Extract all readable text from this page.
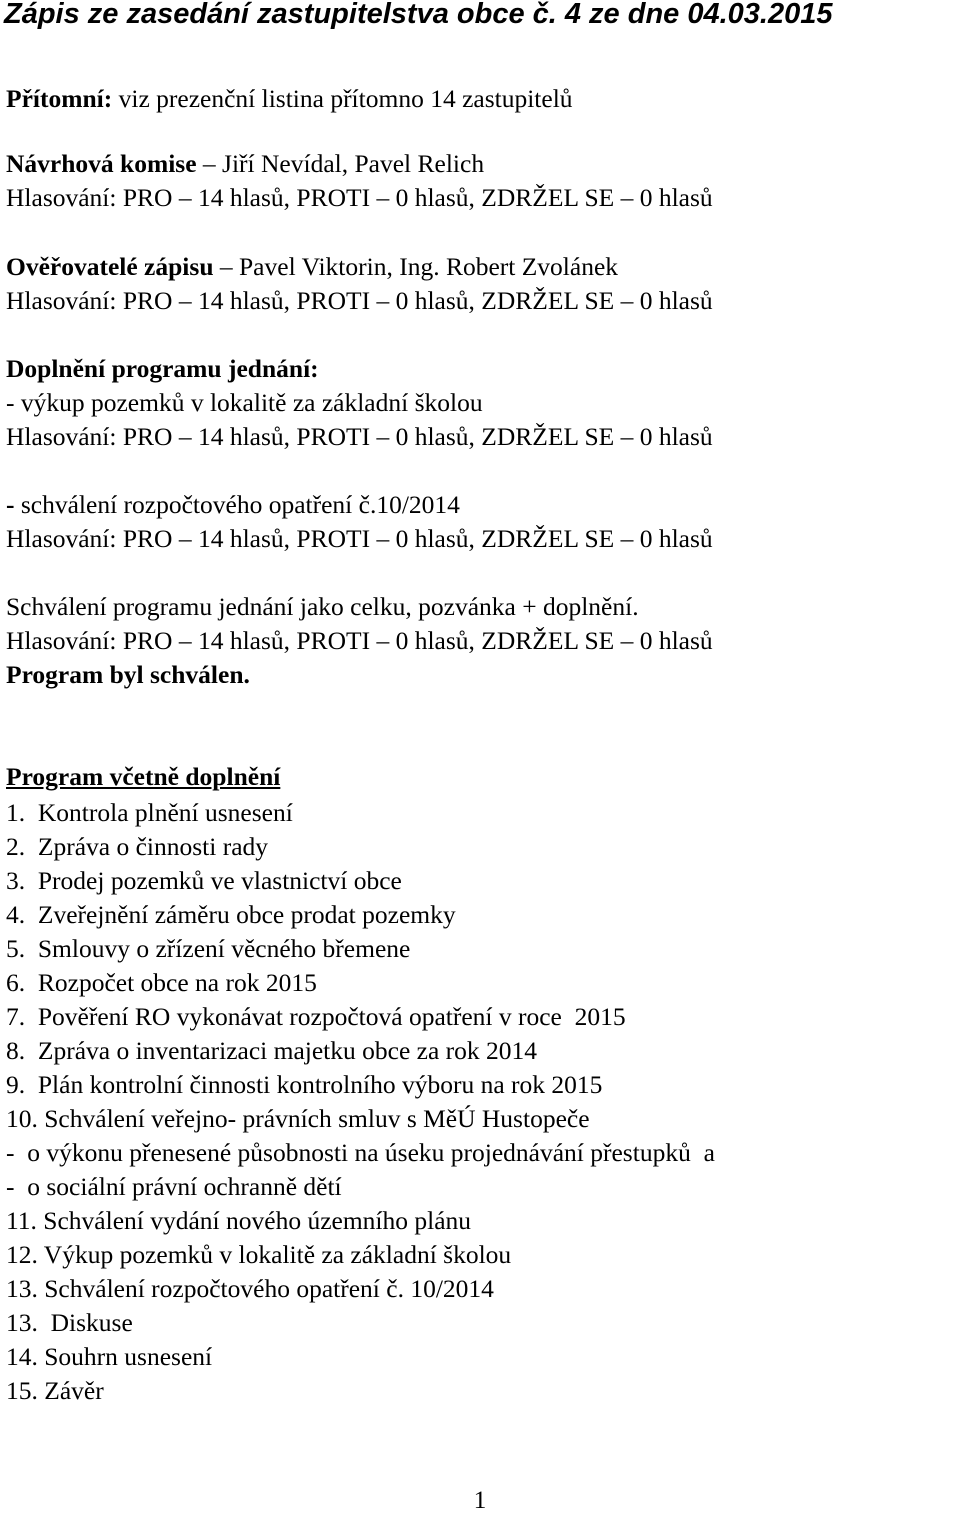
Zápis ze zasedání zastupitelstva obce č. 4 ze dne 04.03.2015
Přítomní: viz prezenční listina přítomno 14 zastupitelů
Návrhová komise – Jiří Nevídal, Pavel Relich
Hlasování: PRO – 14 hlasů, PROTI – 0 hlasů, ZDRŽEL SE – 0 hlasů
Ověřovatelé zápisu – Pavel Viktorin, Ing. Robert Zvolánek
Hlasování: PRO – 14 hlasů, PROTI – 0 hlasů, ZDRŽEL SE – 0 hlasů
Doplnění programu jednání:
- výkup pozemků v lokalitě za základní školou
Hlasování: PRO – 14 hlasů, PROTI – 0 hlasů, ZDRŽEL SE – 0 hlasů
- schválení rozpočtového opatření č.10/2014
Hlasování: PRO – 14 hlasů, PROTI – 0 hlasů, ZDRŽEL SE – 0 hlasů
Schválení programu jednání jako celku, pozvánka + doplnění.
Hlasování: PRO – 14 hlasů, PROTI – 0 hlasů, ZDRŽEL SE – 0 hlasů
Program byl schválen.
Program včetně doplnění
1.  Kontrola plnění usnesení
2.  Zpráva o činnosti rady
3.  Prodej pozemků ve vlastnictví obce
4.  Zveřejnění záměru obce prodat pozemky
5.  Smlouvy o zřízení věcného břemene
6.  Rozpočet obce na rok 2015
7.  Pověření RO vykonávat rozpočtová opatření v roce  2015
8.  Zpráva o inventarizaci majetku obce za rok 2014
9.  Plán kontrolní činnosti kontrolního výboru na rok 2015
10. Schválení veřejno- právních smluv s MěÚ Hustopeče
-  o výkonu přenesené působnosti na úseku projednávání přestupků  a
-  o sociální právní ochranně dětí
11. Schválení vydání nového územního plánu
12. Výkup pozemků v lokalitě za základní školou
13. Schválení rozpočtového opatření č. 10/2014
13.  Diskuse
14. Souhrn usnesení
15. Závěr
1
